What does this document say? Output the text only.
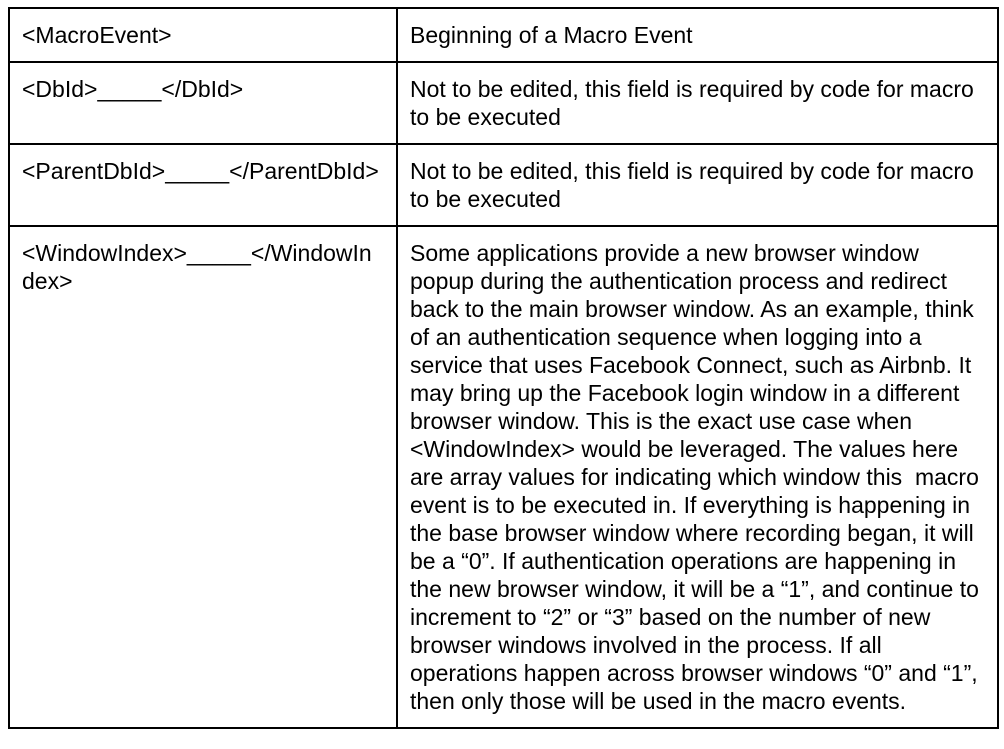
<MacroEvent>	Beginning of a Macro Event
<DbId>_____</DbId>	Not to be edited, this field is required by code for macro to be executed
<ParentDbId>_____</ParentDbId>	Not to be edited, this field is required by code for macro to be executed
<WindowIndex>_____</WindowIndex>	Some applications provide a new browser window popup during the authentication process and redirect back to the main browser window. As an example, think of an authentication sequence when logging into a service that uses Facebook Connect, such as Airbnb. It may bring up the Facebook login window in a different browser window. This is the exact use case when <WindowIndex> would be leveraged. The values here are array values for indicating which window this  macro event is to be executed in. If everything is happening in the base browser window where recording began, it will be a “0”. If authentication operations are happening in the new browser window, it will be a “1”, and continue to increment to “2” or “3” based on the number of new browser windows involved in the process. If all operations happen across browser windows “0” and “1”, then only those will be used in the macro events.
